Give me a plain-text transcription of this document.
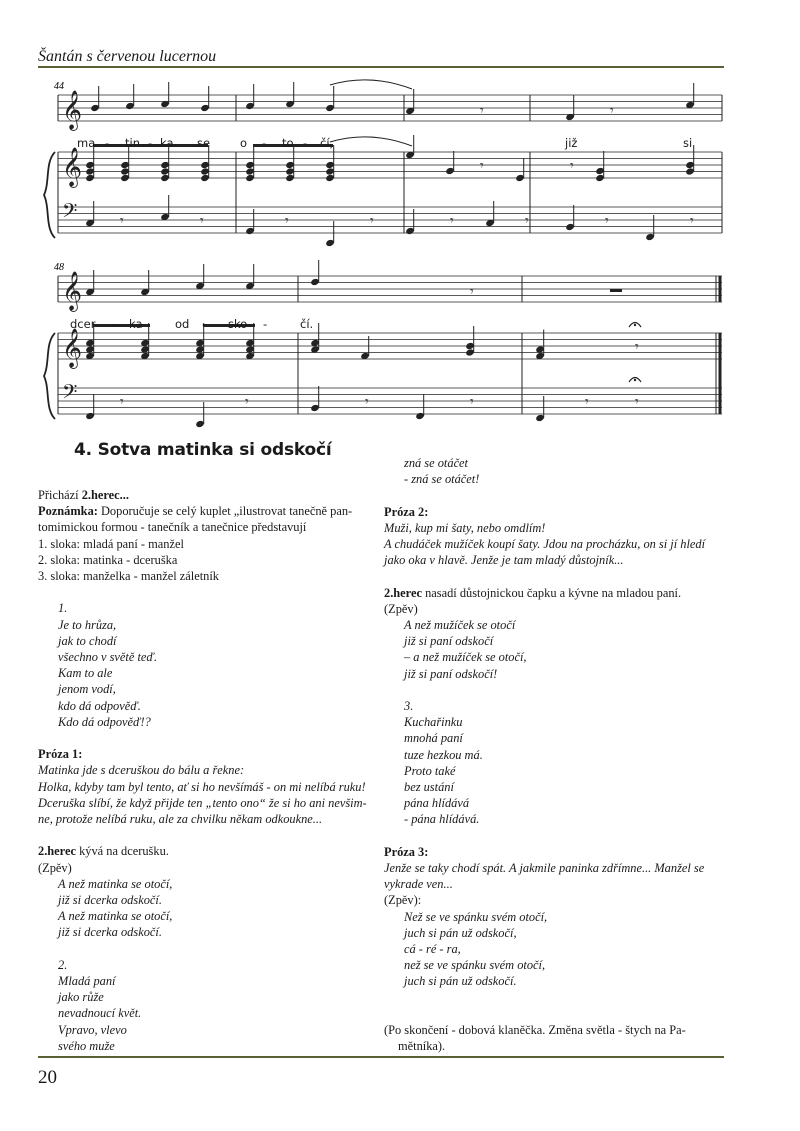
Šantán s červenou lucernou
𝄞
𝄞
𝄢
𝄞
𝄞
𝄢
𝄾	𝄾
𝄾	𝄾
𝄾	𝄾	𝄾	𝄾	𝄾	𝄾	𝄾	𝄾
𝄾
𝄾
𝄾	𝄾	𝄾	𝄾	𝄾	𝄾
44
48
ma - tin - ka se	o - to - čí,	již	si
dcer - ka	od - sko -	čí.
4. Sotva matinka si odskočí

Přichází 2.herec...

Poznámka: Doporučuje se celý kuplet „ilustrovat tanečně pan-

tomimickou formou - tanečník a tanečnice představují

1. sloka: mladá paní - manžel

2. sloka: matinka - dceruška

3. sloka: manželka - manžel záletník

1.

Je to hrůza,

jak to chodí

všechno v světě teď.

Kam to ale

jenom vodí,

kdo dá odpověď.

Kdo dá odpověď!?

Próza 1:

Matinka jde s dceruškou do bálu a řekne:

Holka, kdyby tam byl tento, ať si ho nevšímáš - on mi nelíbá ruku!

Dceruška slíbí, že když přijde ten „tento ono“ že si ho ani nevšim-

ne, protože nelíbá ruku, ale za chvilku někam odkoukne...

2.herec kývá na dcerušku.

(Zpěv)

A než matinka se otočí,

již si dcerka odskočí.

A než matinka se otočí,

již si dcerka odskočí.

2.

Mladá paní

jako růže

nevadnoucí květ.

Vpravo, vlevo

svého muže

zná se otáčet

- zná se otáčet!

Próza 2:

Muži, kup mi šaty, nebo omdlím!

A chudáček mužíček koupí šaty. Jdou na procházku, on si jí hledí

jako oka v hlavě. Jenže je tam mladý důstojník...

2.herec nasadí důstojnickou čapku a kývne na mladou paní.

(Zpěv)

A než mužíček se otočí

již si paní odskočí

– a než mužíček se otočí,

již si paní odskočí!

3.

Kuchařinku

mnohá paní

tuze hezkou má.

Proto také

bez ustání

pána hlídává

- pána hlídává.

Próza 3:

Jenže se taky chodí spát. A jakmile paninka zdřímne... Manžel se

vykrade ven...

(Zpěv):

Než se ve spánku svém otočí,

juch si pán už odskočí,

cá - ré - ra,

než se ve spánku svém otočí,

juch si pán už odskočí.

(Po skončení - dobová klaněčka. Změna světla - štych na Pa-

mětníka).

20
